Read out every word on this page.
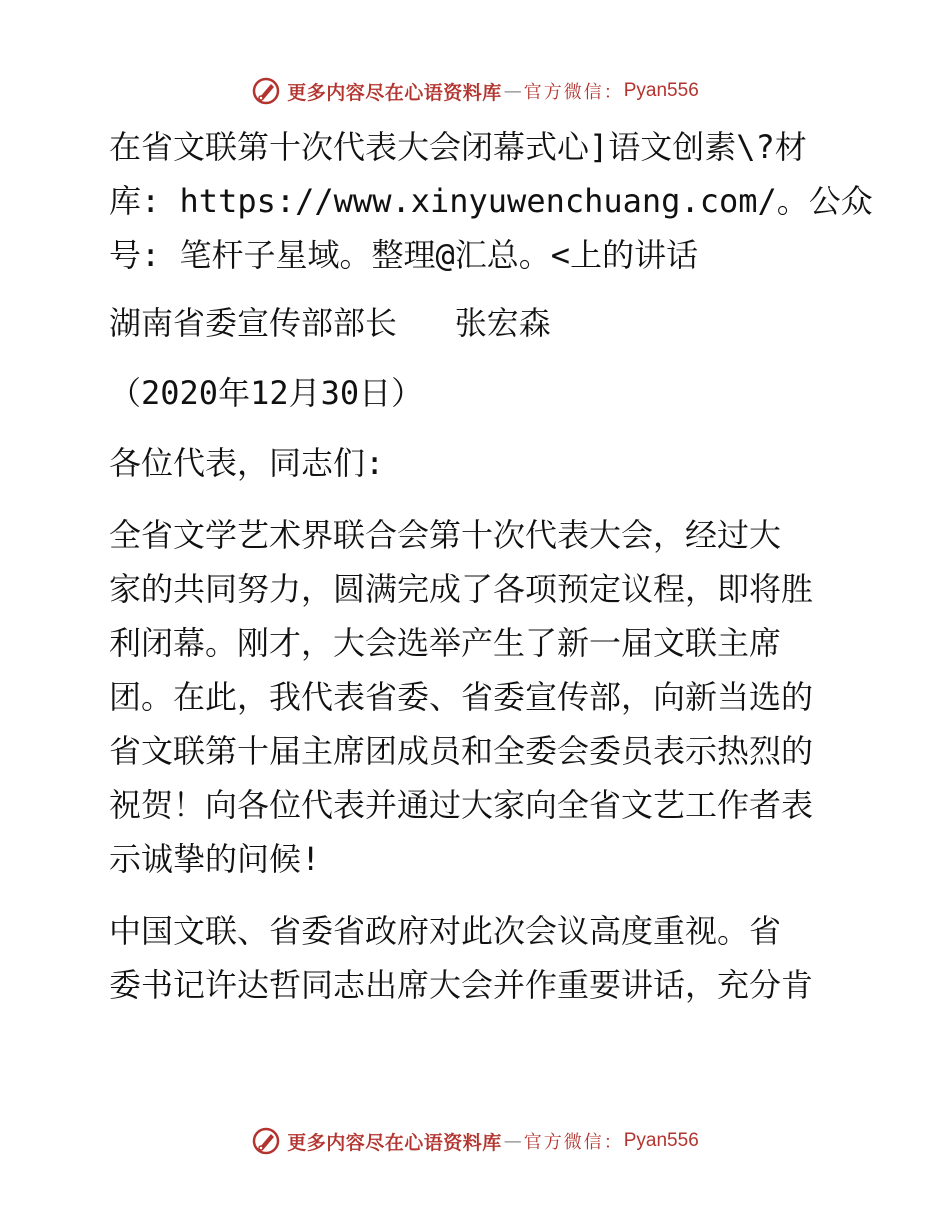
更多内容尽在心语资料库 — 官方微信： Pyan556
在省文联第十次代表大会闭幕式心]语文创素\?材
库: https://www.xinyuwenchuang.com/。公众
号: 笔杆子星域。整理@汇总。<上的讲话
湖南省委宣传部部长   张宏森
（2020年12月30日）
各位代表，同志们:
全省文学艺术界联合会第十次代表大会，经过大
家的共同努力，圆满完成了各项预定议程，即将胜
利闭幕。刚才，大会选举产生了新一届文联主席
团。在此，我代表省委、省委宣传部，向新当选的
省文联第十届主席团成员和全委会委员表示热烈的
祝贺！向各位代表并通过大家向全省文艺工作者表
示诚挚的问候!
中国文联、省委省政府对此次会议高度重视。省
委书记许达哲同志出席大会并作重要讲话，充分肯
更多内容尽在心语资料库 — 官方微信： Pyan556
